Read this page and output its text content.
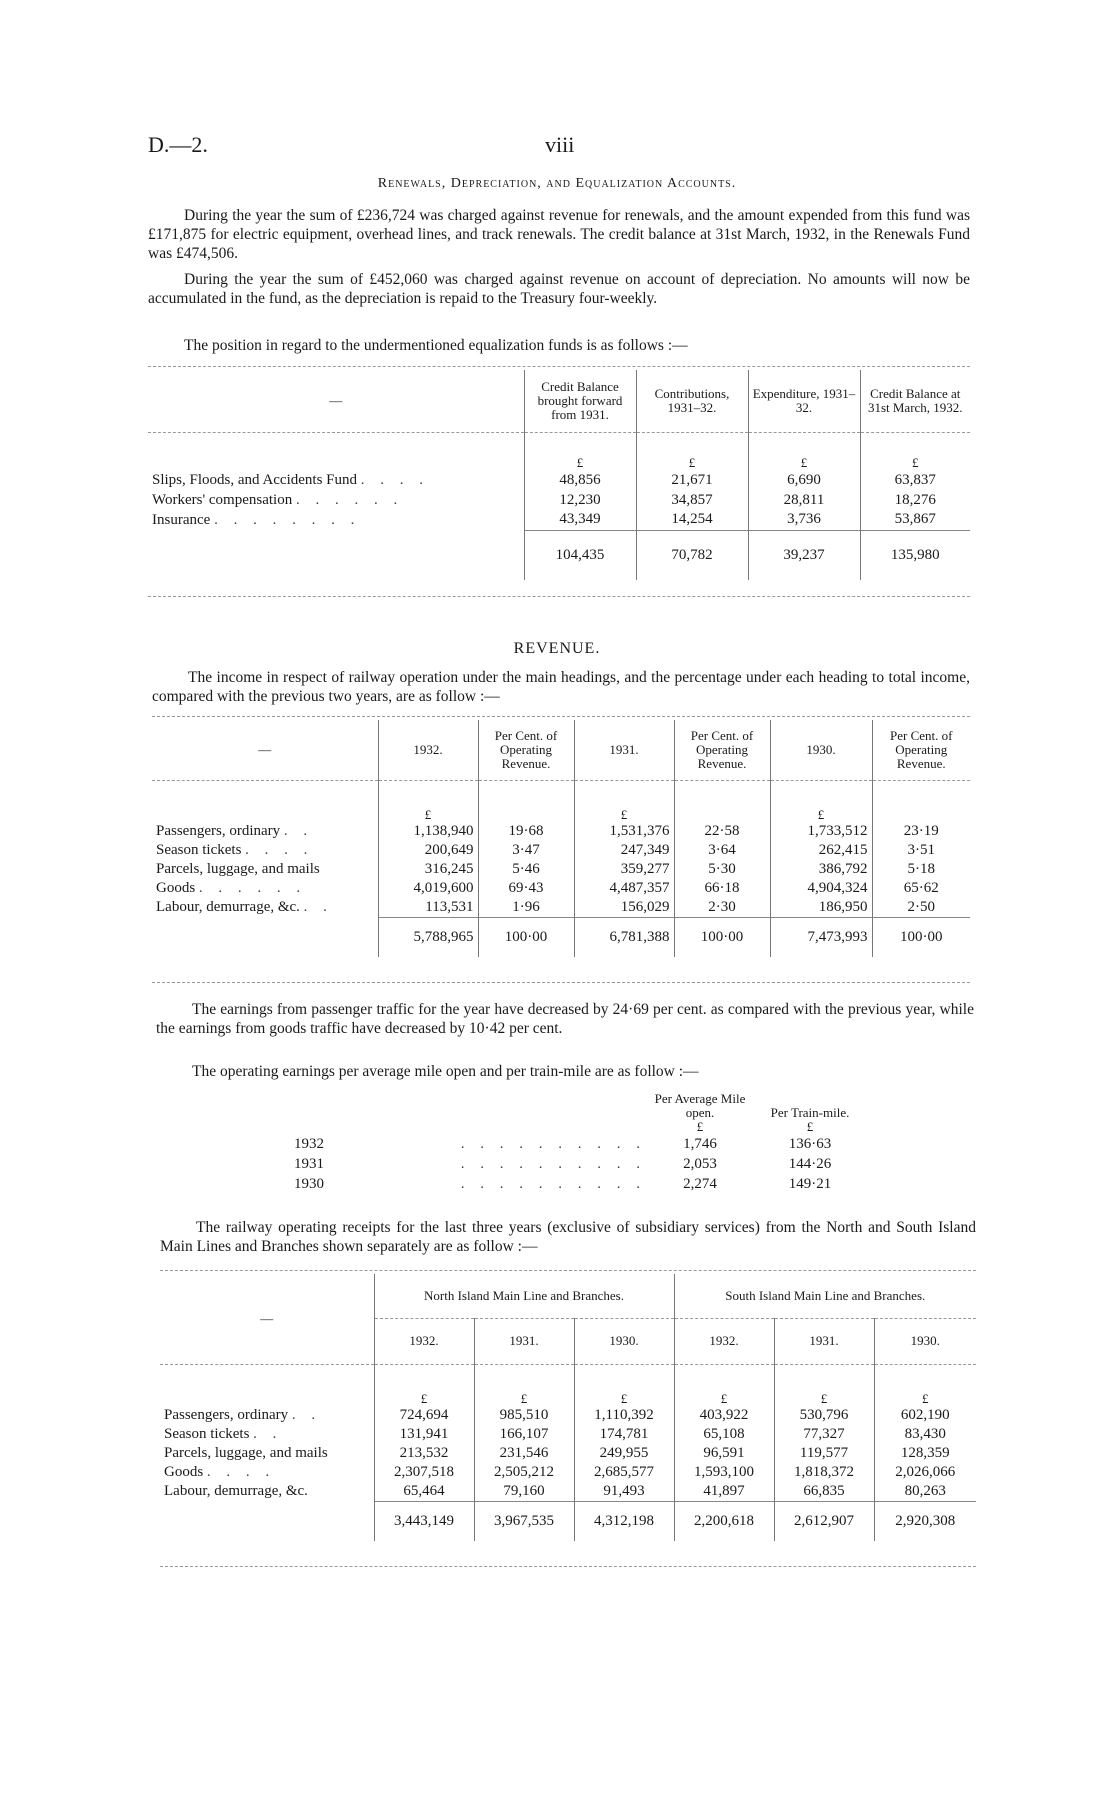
D.—2.	viii
Renewals, Depreciation, and Equalization Accounts.
During the year the sum of £236,724 was charged against revenue for renewals, and the amount expended from this fund was £171,875 for electric equipment, overhead lines, and track renewals. The credit balance at 31st March, 1932, in the Renewals Fund was £474,506.
During the year the sum of £452,060 was charged against revenue on account of depreciation. No amounts will now be accumulated in the fund, as the depreciation is repaid to the Treasury four-weekly.
The position in regard to the undermentioned equalization funds is as follows :—
—	Credit Balance brought forward from 1931.	Contributions, 1931–32.	Expenditure, 1931–32.	Credit Balance at 31st March, 1932.
	£	£	£	£
Slips, Floods, and Accidents Fund . . . .	48,856	21,671	6,690	63,837
Workers' compensation . . . . . .	12,230	34,857	28,811	18,276
Insurance . . . . . . . .	43,349	14,254	3,736	53,867
	104,435	70,782	39,237	135,980
REVENUE.
The income in respect of railway operation under the main headings, and the percentage under each heading to total income, compared with the previous two years, are as follow :—
—	1932.	Per Cent. of Operating Revenue.	1931.	Per Cent. of Operating Revenue.	1930.	Per Cent. of Operating Revenue.
	£		£		£	
Passengers, ordinary . .	1,138,940	19·68	1,531,376	22·58	1,733,512	23·19
Season tickets . . . .	200,649	3·47	247,349	3·64	262,415	3·51
Parcels, luggage, and mails	316,245	5·46	359,277	5·30	386,792	5·18
Goods . . . . . .	4,019,600	69·43	4,487,357	66·18	4,904,324	65·62
Labour, demurrage, &c. . .	113,531	1·96	156,029	2·30	186,950	2·50
	5,788,965	100·00	6,781,388	100·00	7,473,993	100·00
The earnings from passenger traffic for the year have decreased by 24·69 per cent. as compared with the previous year, while the earnings from goods traffic have decreased by 10·42 per cent.
The operating earnings per average mile open and per train-mile are as follow :—
		Per Average Mile open.	Per Train-mile.
		£	£
1932	. . . . . . . . . .	1,746	136·63
1931	. . . . . . . . . .	2,053	144·26
1930	. . . . . . . . . .	2,274	149·21
The railway operating receipts for the last three years (exclusive of subsidiary services) from the North and South Island Main Lines and Branches shown separately are as follow :—
—	North Island Main Line and Branches.			South Island Main Line and Branches.		
	1932.	1931.	1930.	1932.	1931.	1930.
	£	£	£	£	£	£
Passengers, ordinary . .	724,694	985,510	1,110,392	403,922	530,796	602,190
Season tickets . .	131,941	166,107	174,781	65,108	77,327	83,430
Parcels, luggage, and mails	213,532	231,546	249,955	96,591	119,577	128,359
Goods . . . .	2,307,518	2,505,212	2,685,577	1,593,100	1,818,372	2,026,066
Labour, demurrage, &c.	65,464	79,160	91,493	41,897	66,835	80,263
	3,443,149	3,967,535	4,312,198	2,200,618	2,612,907	2,920,308
